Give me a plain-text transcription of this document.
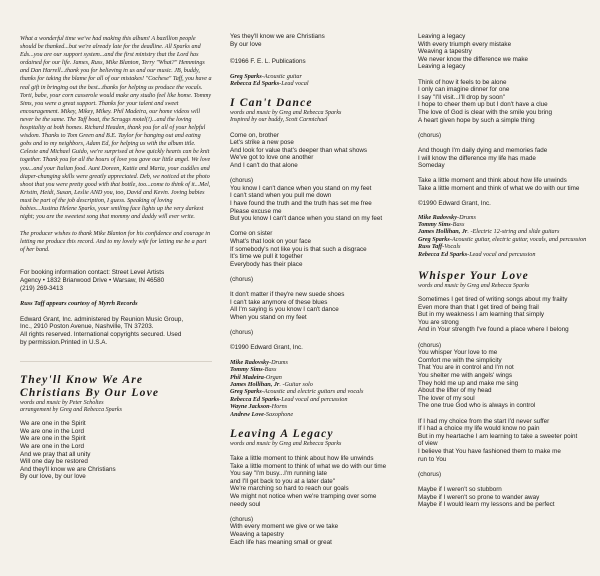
What a wonderful time we've had making this album! A bazillion people should be thanked...but we're already late for the deadline. All Sparks and Eds...you are our support system...and the first ministry that the Lord has ordained for our life. James, Russ, Mike Blanton, Terry "What?" Hemmings and Dan Harrell...thank you for believing in us and our music. JB, buddy, thanks for taking the blame for all of our mistakes! "Cochese" Taff, you have a real gift in bringing out the best...thanks for helping us produce the vocals. Torti, babe, your corn casserole would make any studio feel like home. Tommy Sims, you were a great support. Thanks for your talent and sweet encouragement. Mikey, Mikey, Mikey. Phil Madeira, our home videos will never be the same. The Taff boat, the Scruggs motel(!)...and the loving hospitality at both homes. Richard Headen, thank you for all of your helpful wisdom. Thanks to Tom Green and B.E. Taylor for hanging out and eating gobs and to my neighbors, Adam Ed, for helping us with the album title. Celeste and Michael Guido, we're surprised at how quickly hearts can be knit together. Thank you for all the hours of love you gave our little angel. We love you...and your Italian food. Aunt Doreen, Kattie and Marta, your cuddles and diaper-changing skills were greatly appreciated. Deb, we noticed at the photo shoot that you were pretty good with that bottle, too...come to think of it...Mel, Kristin, Heidi, Susan, Leslie AND you, too, David and Kevin. Joving babies must be part of the job description, I guess. Speaking of loving babies...Justina Helene Sparks, your smiling face lights up the very darkest night; you are the sweetest song that mommy and daddy will ever write.

The producer wishes to thank Mike Blanton for his confidence and courage in letting me produce this record. And to my lovely wife for letting me be a part of her band.

For booking information contact: Street Level Artists
Agency • 1832 Briarwood Drive • Warsaw, IN 46580
(219) 269-3413

Russ Taff appears courtesy of Myrrh Records

Edward Grant, Inc. administered by Reunion Music Group,
Inc., 2910 Poston Avenue, Nashville, TN 37203.
All rights reserved. International copyrights secured. Used
by permission.Printed in U.S.A.

They'll Know We Are
Christians By Our Love

words and music by Peter Scholtes
arrangement by Greg and Rebecca Sparks

We are one in the Spirit
We are one in the Lord
We are one in the Spirit
We are one in the Lord
And we pray that all unity
Will one day be restored
And they'll know we are Christians
By our love, by our love
Yes they'll know we are Christians
By our love

©1966 F. E. L. Publications

Greg Sparks-Acoustic guitar
Rebecca Ed Sparks-Lead vocal

I Can't Dance

words and music by Greg and Rebecca Sparks
Inspired by our buddy, Scott Carmichael

Come on, brother
Let's strike a new pose
And look for value that's deeper than what shows
We've got to love one another
And I can't do that alone
(chorus)
You know I can't dance when you stand on my feet
I can't stand when you pull me down
I have found the truth and the truth has set me free
Please excuse me
But you know I can't dance when you stand on my feet
Come on sister
What's that look on your face
If somebody's not like you is that such a disgrace
It's time we pull it together
Everybody has their place
(chorus)
It don't matter if they're new suede shoes
I can't take anymore of these blues
All I'm saying is you know I can't dance
When you stand on my feet
(chorus)
©1990 Edward Grant, Inc.
Mike Radovsky-Drums
Tommy Sims-Bass
Phil Madeira-Organ
James Hollihan, Jr. -Guitar solo
Greg Sparks-Acoustic and electric guitars and vocals
Rebecca Ed Sparks-Lead vocal and percussion
Wayne Jackson-Horns
Andrew Love-Saxophone

Leaving A Legacy

words and music by Greg and Rebecca Sparks

Take a little moment to think about how life unwinds
Take a little moment to think of what we do with our time
You say "I'm busy...I'm running late
and I'll get back to you at a later date"
We're marching so hard to reach our goals
We might not notice when we're tramping over some
needy soul
(chorus)
With every moment we give or we take
Weaving a tapestry
Each life has meaning small or great
Leaving a legacy
With every triumph every mistake
Weaving a tapestry
We never know the difference we make
Leaving a legacy
Think of how it feels to be alone
I only can imagine dinner for one
I say "I'll visit...I'll drop by soon"
I hope to cheer them up but I don't have a clue
The love of God is clear with the smile you bring
A heart given hope by such a simple thing
(chorus)
And though I'm daily dying and memories fade
I will know the difference my life has made
Someday
Take a little moment and think about how life unwinds
Take a little moment and think of what we do with our time
©1990 Edward Grant, Inc.
Mike Radovsky-Drums
Tommy Sims-Bass
James Hollihan, Jr. -Electric 12-string and slide guitars
Greg Sparks-Acoustic guitar, electric guitar, vocals, and percussion
Russ Taff-Vocals
Rebecca Ed Sparks-Lead vocal and percussion

Whisper Your Love

words and music by Greg and Rebecca Sparks

Sometimes I get tired of writing songs about my frailty
Even more than that I get tired of being frail
But in my weakness I am learning that simply
You are strong
And in Your strength I've found a place where I belong
(chorus)
You whisper Your love to me
Comfort me with the simplicity
That You are in control and I'm not
You shelter me with angels' wings
They hold me up and make me sing
About the lifter of my head
The lover of my soul
The one true God who is always in control
If I had my choice from the start I'd never suffer
If I had a choice my life would know no pain
But in my heartache I am learning to take a sweeter point
of view
I believe that You have fashioned them to make me
run to You
(chorus)
Maybe if I weren't so stubborn
Maybe if I weren't so prone to wander away
Maybe if I would learn my lessons and be perfect
